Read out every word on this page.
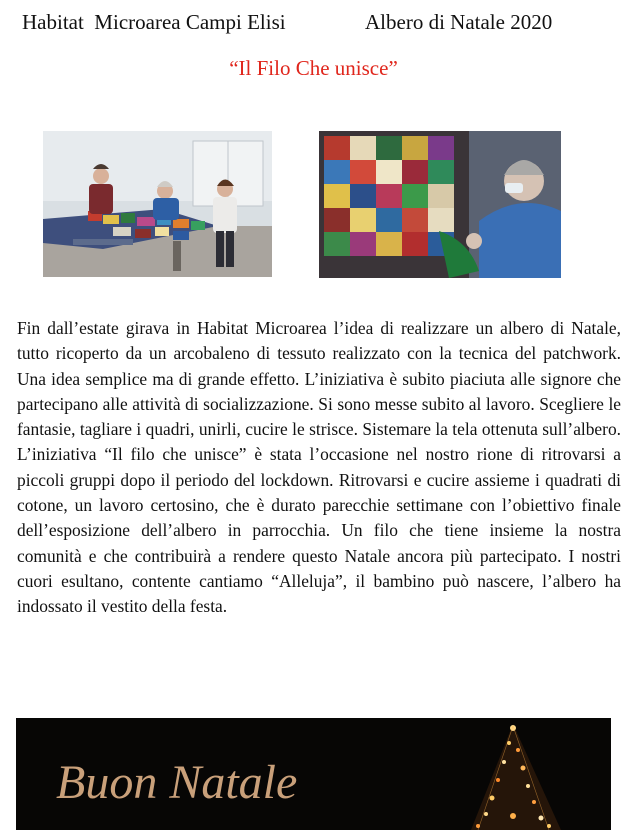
Habitat  Microarea Campi Elisi	Albero di Natale 2020
“Il Filo Che unisce”
Fin dall’estate girava in Habitat Microarea l’idea di realizzare un albero di Natale, tutto ricoperto da un arcobaleno di tessuto realizzato con la tecnica del patchwork. Una idea semplice ma di grande effetto. L’iniziativa è subito piaciuta alle signore che partecipano alle attività di socializzazione. Si sono messe subito al lavoro. Scegliere le fantasie, tagliare i quadri, unirli, cucire le strisce. Sistemare la tela ottenuta sull’albero. L’iniziativa “Il filo che unisce” è stata l’occasione nel nostro rione di ritrovarsi a piccoli gruppi dopo il periodo del lockdown. Ritrovarsi e cucire assieme i quadrati di cotone, un lavoro certosino, che è durato parecchie settimane con l’obiettivo finale dell’esposizione dell’albero in parrocchia. Un filo che tiene insieme la nostra comunità e che contribuirà a rendere questo Natale ancora più partecipato. I nostri cuori esultano, contente cantiamo “Alleluja”, il bambino può nascere, l’albero ha indossato il vestito della festa.
Buon Natale
